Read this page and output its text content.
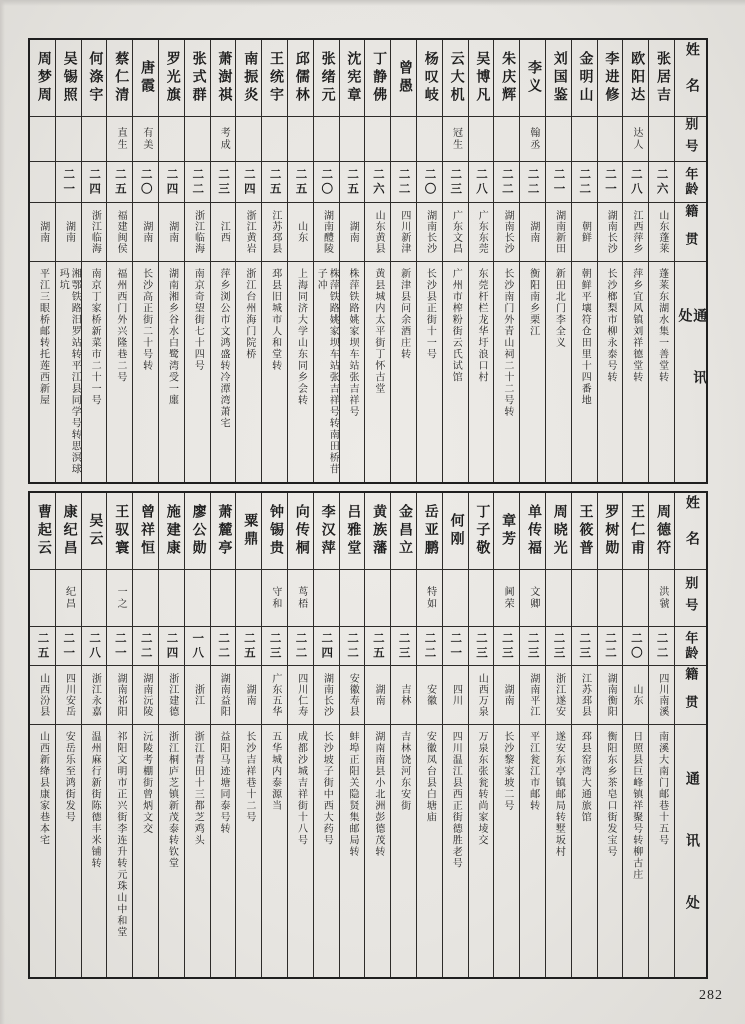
姓名
别号
年龄
籍贯
通讯处
张居吉
二六
山东蓬莱
蓬莱东湖水集一善堂转
欧阳达
达人
二八
江西萍乡
萍乡宜风镇刘祥德堂转
李进修
二一
湖南长沙
长沙榔梨市柳永泰号转
金明山
二二
朝鲜
朝鲜平壤符仓田里十四番地
刘国鉴
二一
湖南新田
新田北门李全义
李义
翰丞
二二
湖南
衡阳南乡栗江
朱庆辉
二二
湖南长沙
长沙南门外青山祠二十二号转
吴博凡
二八
广东东莞
东莞杆栏龙华圩浪口村
云大机
冠生
二三
广东文昌
广州市榨粉街云氏试馆
杨叹岐
二〇
湖南长沙
长沙县正街十一号
曾愚
二二
四川新津
新津县问余酒庄转
丁静佛
二六
山东黄县
黄县城内太平街丁怀古堂
沈宪章
二五
湖南
株萍铁路姚家坝车站张吉祥号
张绪元
二〇
湖南醴陵
株萍铁路姚家坝车站张吉祥号转南田桥苷子冲
邱儒林
二五
山东
上海同济大学山东同乡会转
王统宇
二五
江苏邳县
邳县旧城市人和堂转
南振炎
二四
浙江黄岩
浙江台州海门院桥
萧澍祺
考成
二三
江西
萍乡浏公市文鸿盛转冷潭湾萧宅
张式群
二二
浙江临海
南京奇望街七十四号
罗光旗
二四
湖南
湖南湘乡谷水白鹭湾受一廛
唐霞
有美
二〇
湖南
长沙高正街二十号转
蔡仁清
直生
二五
福建闽侯
福州西门外兴隆巷二号
何涤宇
二四
浙江临海
南京丁家桥新菜市二十一号
吴锡照
二一
湖南
湘鄂铁路汨罗站转平江县同学号转思溟球玛坑
周梦周
湖南
平江三眼桥邮转托莲西新屋
姓名
别号
年龄
籍贯
通讯处
周德符
洪虢
二二
四川南溪
南溪大南门邮巷十五号
王仁甫
二〇
山东
日照县巨峰镇祥聚号转柳古庄
罗树勋
二二
湖南衡阳
衡阳东乡茶皂口街发宝号
王筱普
二三
江苏邳县
邳县窑湾大通旅馆
周晓光
二三
浙江遂安
遂安东亭镇邮局转墅坂村
单传福
文卿
二三
湖南平江
平江瓮江市邮转
章芳
阃荣
二三
湖南
长沙黎家坡二号
丁子敬
二三
山西万泉
万泉东张瓮转尚家堎交
何刚
二一
四川
四川温江县西正街德胜老号
岳亚鹏
特如
二二
安徽
安徽凤台县白塘庙
金昌立
二三
吉林
吉林饶河东安街
黄族藩
二五
湖南
湖南南县小北洲彭德茂转
吕雅堂
二二
安徽寿县
蚌埠正阳关隐贤集邮局转
李汉萍
二四
湖南长沙
长沙坡子街中西大药号
向传桐
茑梧
二二
四川仁寿
成都沙城吉祥街十八号
钟锡贵
守和
二三
广东五华
五华城内泰源当
粟鼎
二五
湖南
长沙吉祥巷十二号
萧麓亭
二二
湖南益阳
益阳马迹塘同泰号转
廖公勋
一八
浙江
浙江青田十三都芝鸡头
施建康
二四
浙江建德
浙江桐庐芝镇新茂泰转钦堂
曾祥恒
二二
湖南沅陵
沅陵考棚街曾炳文交
王驭寰
一之
二一
湖南祁阳
祁阳文明市正兴街李连升转元珠山中和堂
吴云
二八
浙江永嘉
温州麻行新街陈德丰米铺转
康纪昌
纪昌
二一
四川安岳
安岳乐至鸿街发号
曹起云
二五
山西汾县
山西新绛县康家巷本宅
282
